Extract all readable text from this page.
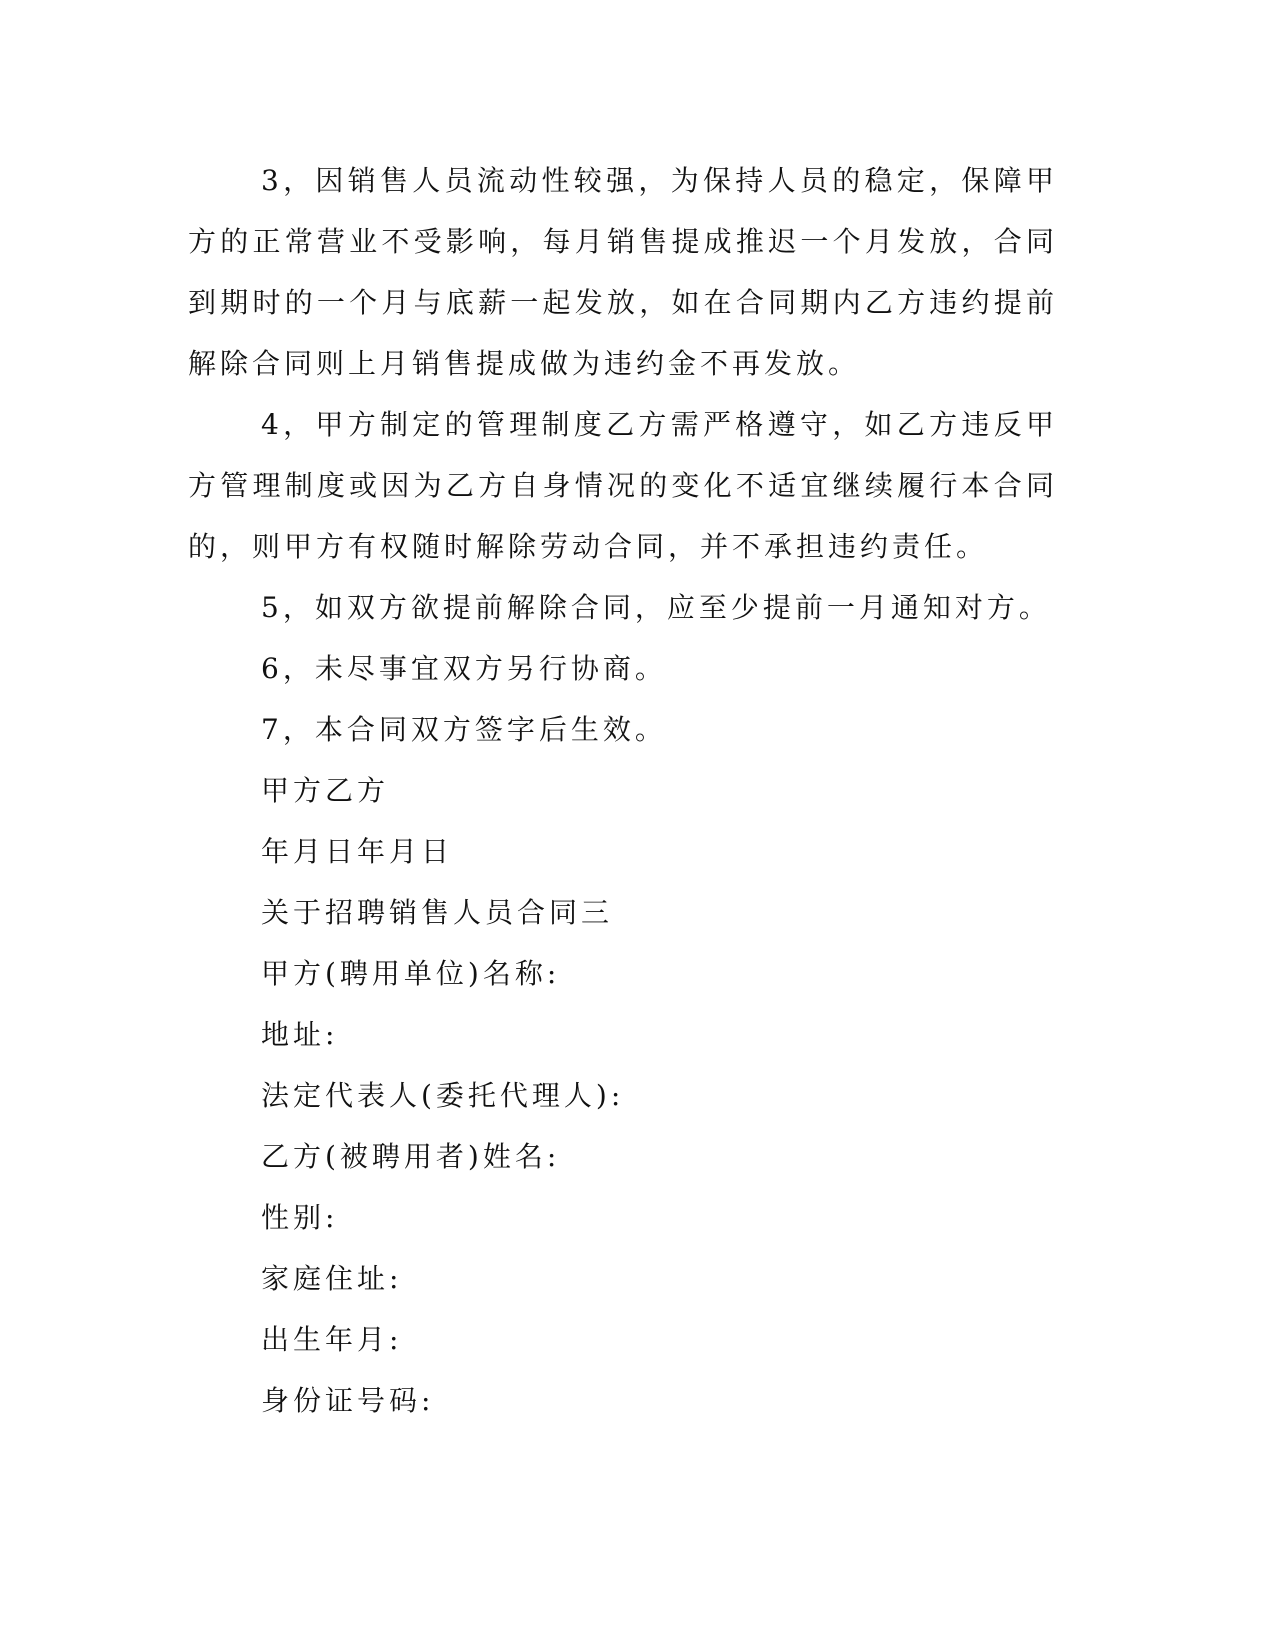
3，因销售人员流动性较强，为保持人员的稳定，保障甲方的正常营业不受影响，每月销售提成推迟一个月发放，合同到期时的一个月与底薪一起发放，如在合同期内乙方违约提前解除合同则上月销售提成做为违约金不再发放。

4，甲方制定的管理制度乙方需严格遵守，如乙方违反甲方管理制度或因为乙方自身情况的变化不适宜继续履行本合同的，则甲方有权随时解除劳动合同，并不承担违约责任。

5，如双方欲提前解除合同，应至少提前一月通知对方。

6，未尽事宜双方另行协商。

7，本合同双方签字后生效。

甲方乙方

年月日年月日

关于招聘销售人员合同三

甲方(聘用单位)名称:

地址:

法定代表人(委托代理人):

乙方(被聘用者)姓名:

性别:

家庭住址:

出生年月:

身份证号码:
